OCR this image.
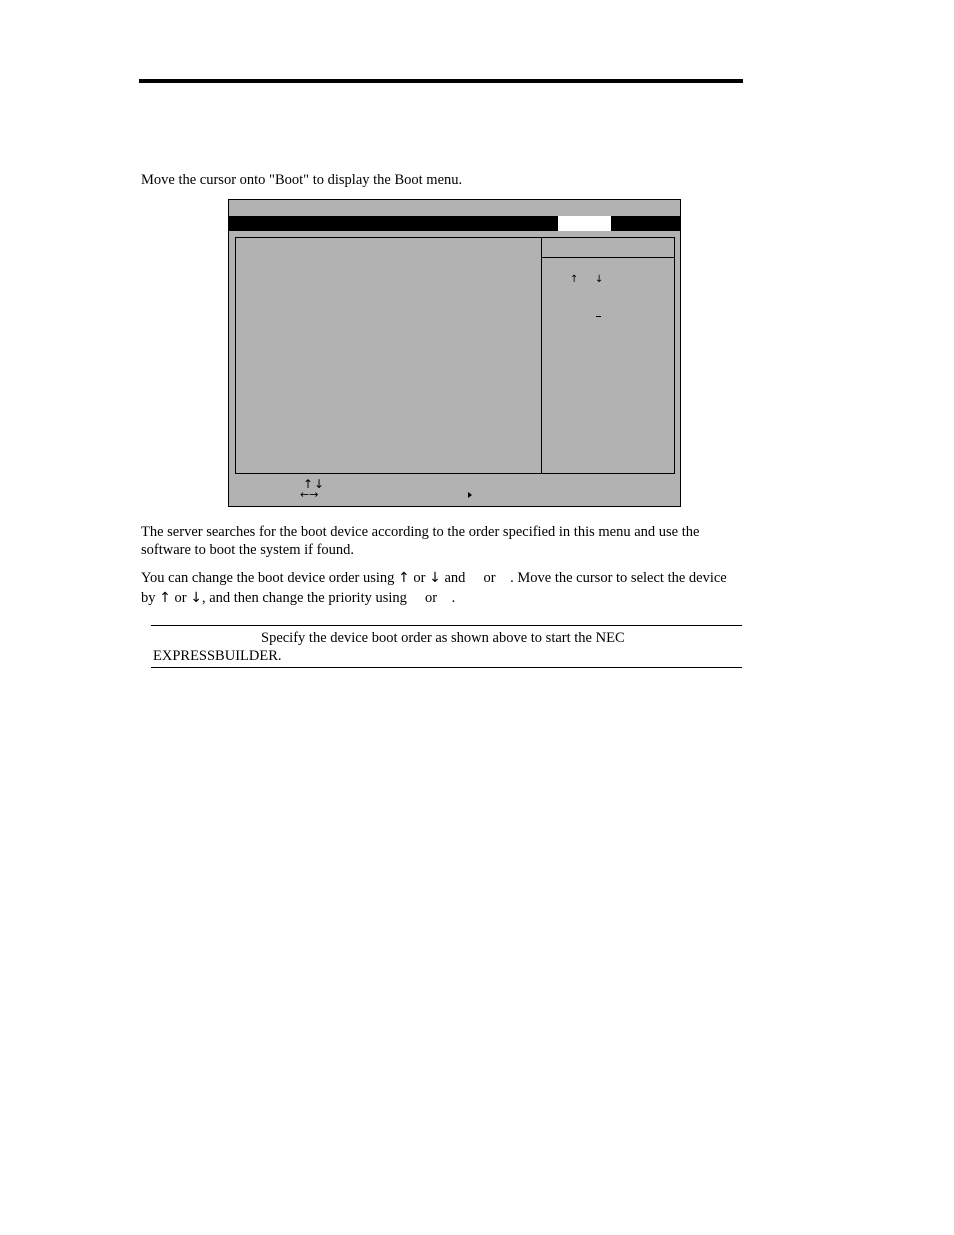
Move the cursor onto "Boot" to display the Boot menu.
↑ ↓
↑↓
←→
The server searches for the boot device according to the order specified in this menu and use the
software to boot the system if found.
You can change the boot device order using ↑ or ↓ and     or    . Move the cursor to select the device
by ↑ or ↓, and then change the priority using     or    .
Specify the device boot order as shown above to start the NEC
EXPRESSBUILDER.
